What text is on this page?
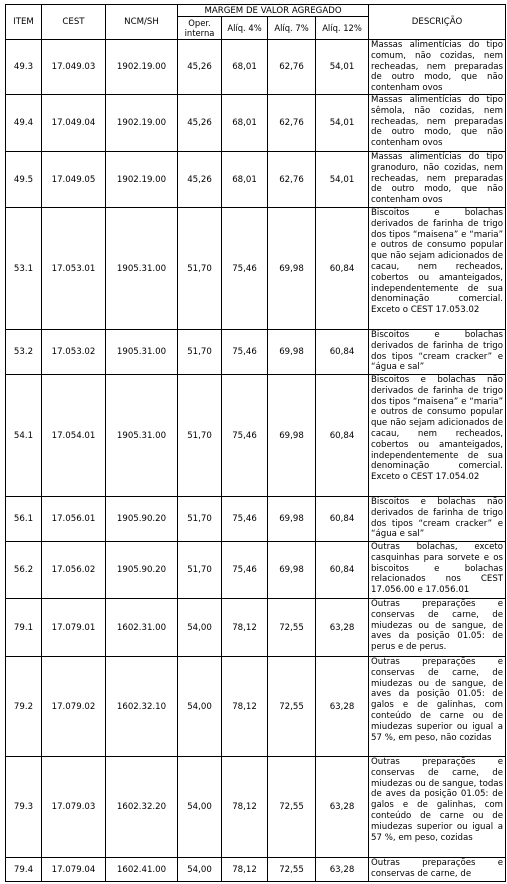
ITEM	CEST	NCM/SH	MARGEM DE VALOR AGREGADO				DESCRIÇÃO
			Oper. interna	Alíq. 4%	Alíq. 7%	Alíq. 12%	
49.3	17.049.03	1902.19.00	45,26	68,01	62,76	54,01	Massas alimentícias do tipo comum, não cozidas, nem recheadas, nem preparadas de outro modo, que não contenham ovos
49.4	17.049.04	1902.19.00	45,26	68,01	62,76	54,01	Massas alimentícias do tipo sêmola, não cozidas, nem recheadas, nem preparadas de outro modo, que não contenham ovos
49.5	17.049.05	1902.19.00	45,26	68,01	62,76	54,01	Massas alimentícias do tipo granoduro, não cozidas, nem recheadas, nem preparadas de outro modo, que não contenham ovos
53.1	17.053.01	1905.31.00	51,70	75,46	69,98	60,84	Biscoitos e bolachas derivados de farinha de trigo dos tipos “maisena” e “maria” e outros de consumo popular que não sejam adicionados de cacau, nem recheados, cobertos ou amanteigados, independentemente de sua denominação comercial. Exceto o CEST 17.053.02
53.2	17.053.02	1905.31.00	51,70	75,46	69,98	60,84	Biscoitos e bolachas derivados de farinha de trigo dos tipos “cream cracker” e “água e sal”
54.1	17.054.01	1905.31.00	51,70	75,46	69,98	60,84	Biscoitos e bolachas não derivados de farinha de trigo dos tipos “maisena” e “maria” e outros de consumo popular que não sejam adicionados de cacau, nem recheados, cobertos ou amanteigados, independentemente de sua denominação comercial. Exceto o CEST 17.054.02
56.1	17.056.01	1905.90.20	51,70	75,46	69,98	60,84	Biscoitos e bolachas não derivados de farinha de trigo dos tipos “cream cracker” e “água e sal”
56.2	17.056.02	1905.90.20	51,70	75,46	69,98	60,84	Outras bolachas, exceto casquinhas para sorvete e os biscoitos e bolachas relacionados nos CEST 17.056.00 e 17.056.01
79.1	17.079.01	1602.31.00	54,00	78,12	72,55	63,28	Outras preparações e conservas de carne, de miudezas ou de sangue, de aves da posição 01.05: de perus e de perus.
79.2	17.079.02	1602.32.10	54,00	78,12	72,55	63,28	Outras preparações e conservas de carne, de miudezas ou de sangue, de aves da posição 01.05: de galos e de galinhas, com conteúdo de carne ou de miudezas superior ou igual a 57 %, em peso, não cozidas
79.3	17.079.03	1602.32.20	54,00	78,12	72,55	63,28	Outras preparações e conservas de carne, de miudezas ou de sangue, todas de aves da posição 01.05: de galos e de galinhas, com conteúdo de carne ou de miudezas superior ou igual a 57 %, em peso, cozidas
79.4	17.079.04	1602.41.00	54,00	78,12	72,55	63,28	Outras preparações e conservas de carne, de
